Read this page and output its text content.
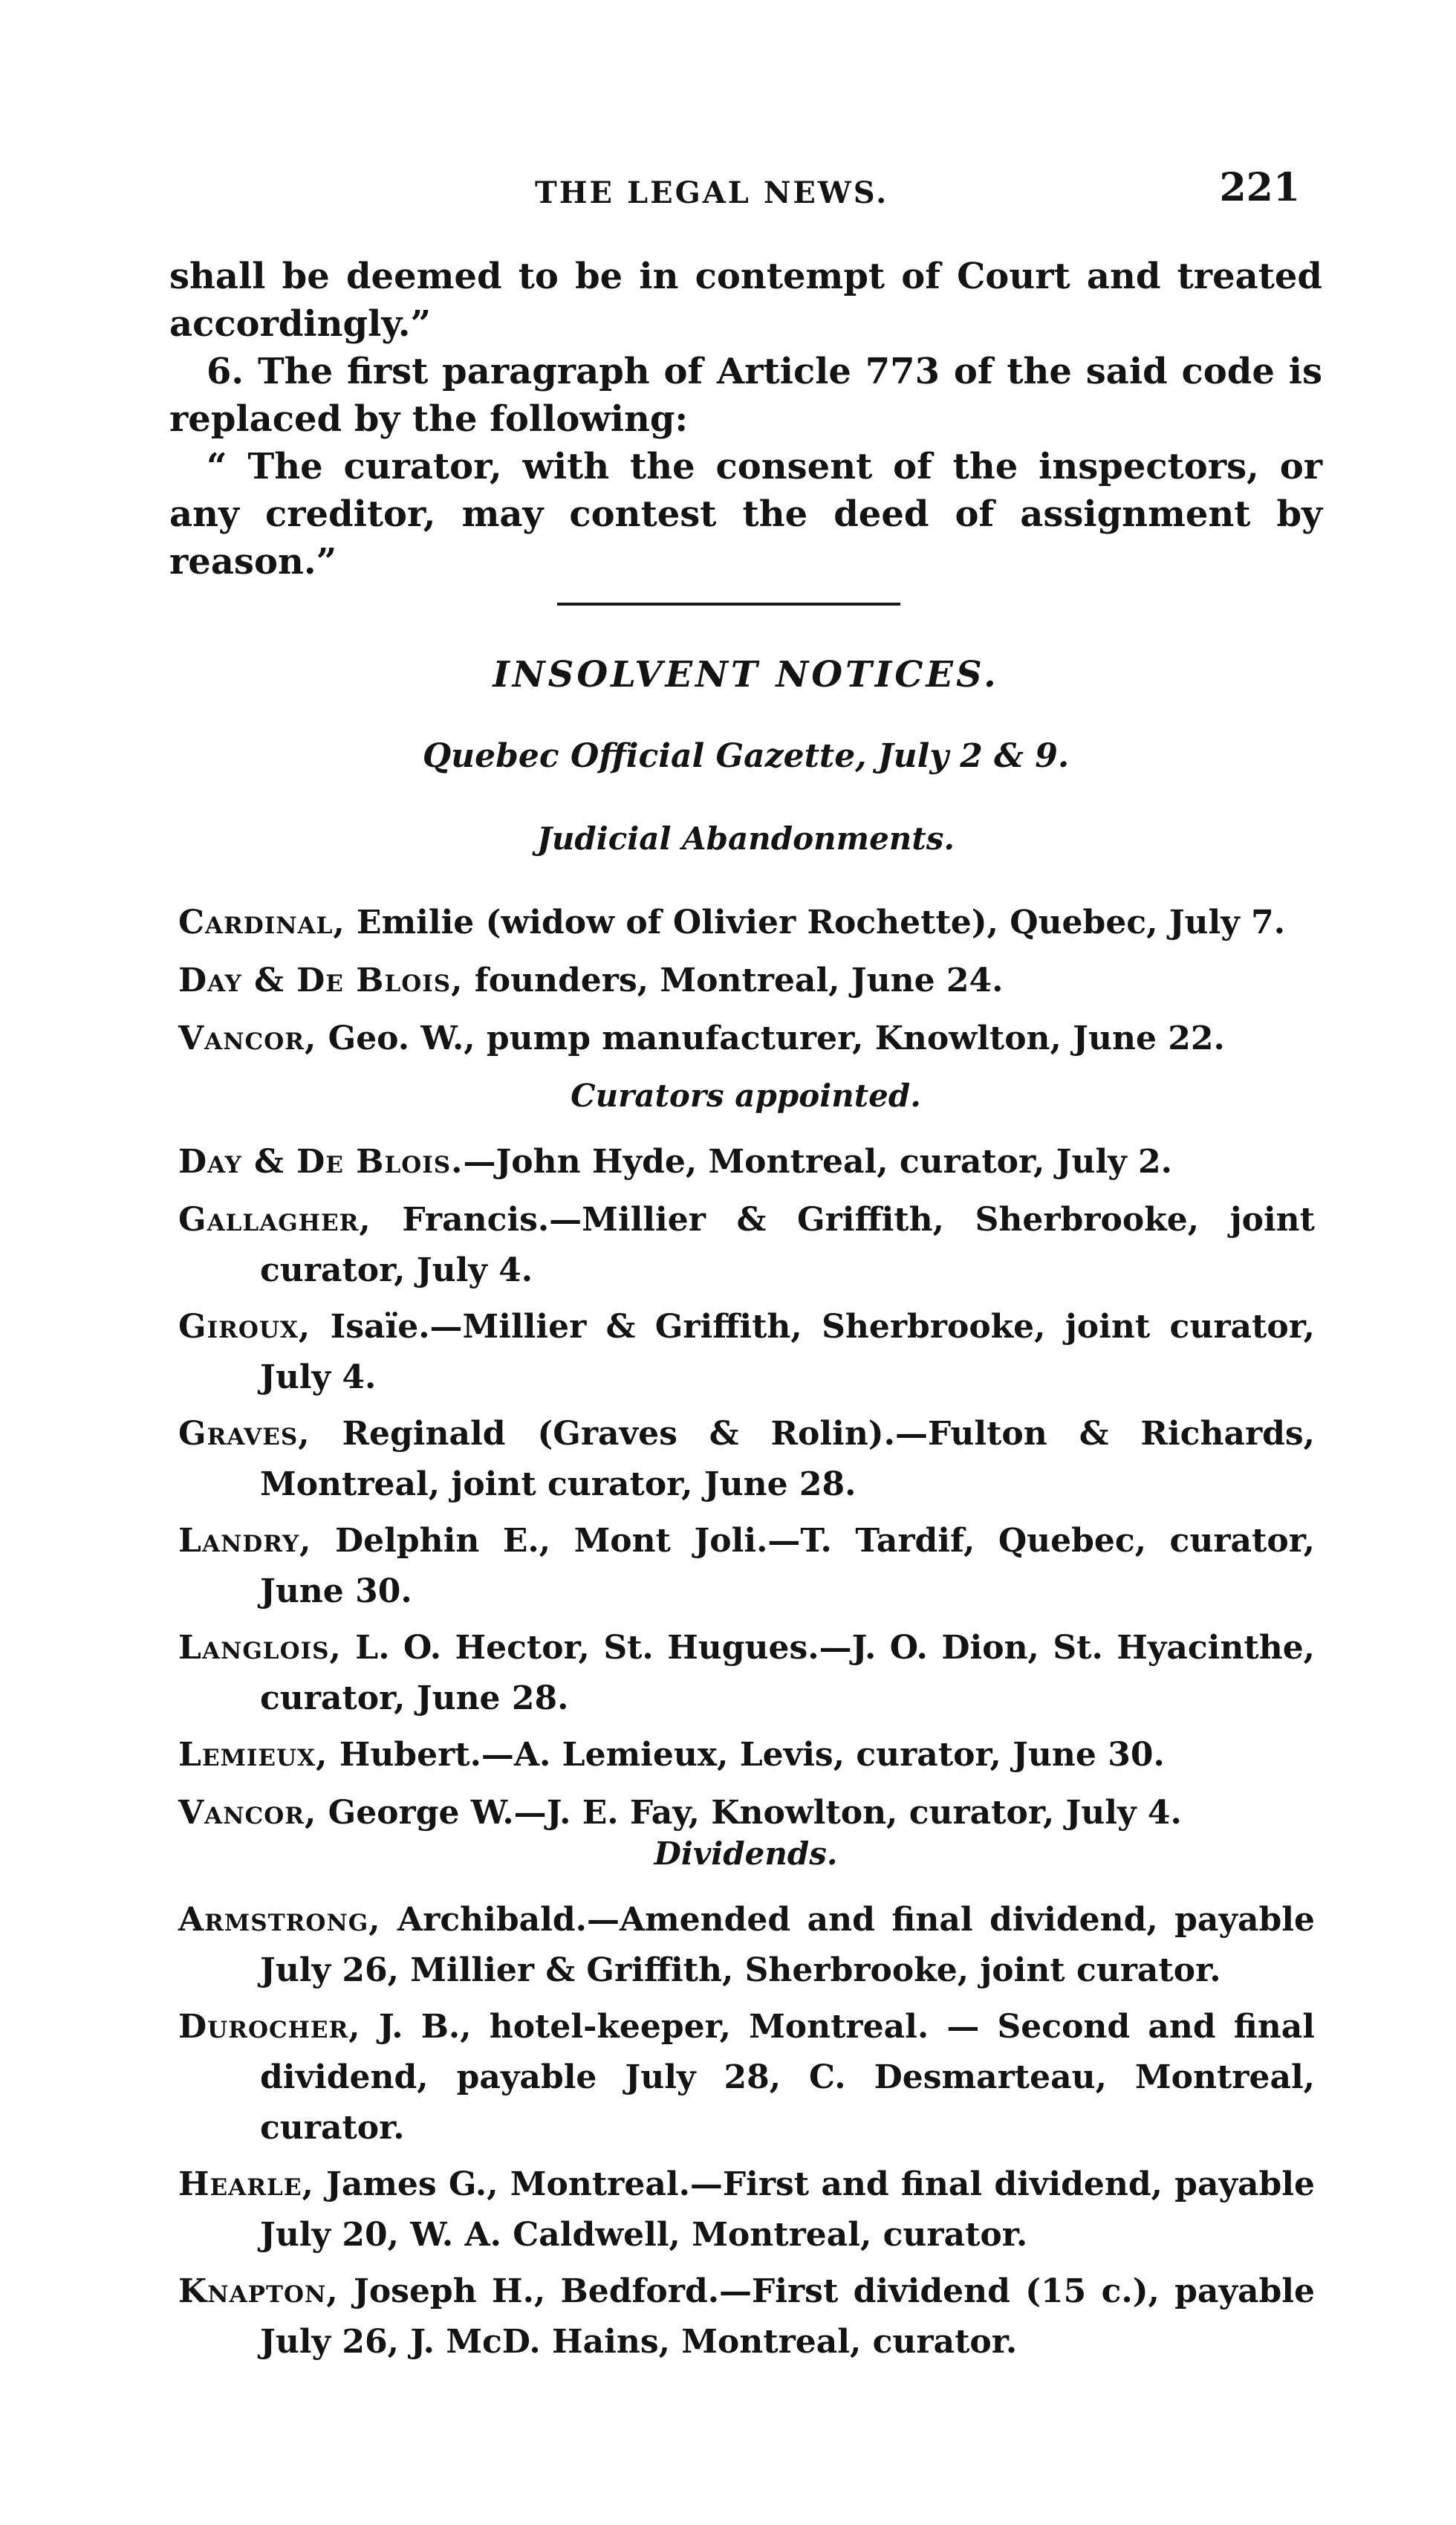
THE LEGAL NEWS.	221

shall be deemed to be in contempt of Court and treated accordingly.”

6. The first paragraph of Article 773 of the said code is replaced by the following:

“ The curator, with the consent of the inspectors, or any creditor, may contest the deed of assignment by reason.”

INSOLVENT NOTICES.
Quebec Official Gazette, July 2 & 9.
Judicial Abandonments.

Cardinal, Emilie (widow of Olivier Rochette), Quebec, July 7.

Day & De Blois, founders, Montreal, June 24.

Vancor, Geo. W., pump manufacturer, Knowlton, June 22.

Curators appointed.

Day & De Blois.—John Hyde, Montreal, curator, July 2.

Gallagher, Francis.—Millier & Griffith, Sherbrooke, joint curator, July 4.

Giroux, Isaïe.—Millier & Griffith, Sherbrooke, joint curator, July 4.

Graves, Reginald (Graves & Rolin).—Fulton & Richards, Montreal, joint curator, June 28.

Landry, Delphin E., Mont Joli.—T. Tardif, Quebec, curator, June 30.

Langlois, L. O. Hector, St. Hugues.—J. O. Dion, St. Hyacinthe, curator, June 28.

Lemieux, Hubert.—A. Lemieux, Levis, curator, June 30.

Vancor, George W.—J. E. Fay, Knowlton, curator, July 4.

Dividends.

Armstrong, Archibald.—Amended and final dividend, payable July 26, Millier & Griffith, Sherbrooke, joint curator.

Durocher, J. B., hotel-keeper, Montreal. — Second and final dividend, payable July 28, C. Desmarteau, Montreal, curator.

Hearle, James G., Montreal.—First and final dividend, payable July 20, W. A. Caldwell, Montreal, curator.

Knapton, Joseph H., Bedford.—First dividend (15 c.), payable July 26, J. McD. Hains, Montreal, curator.
